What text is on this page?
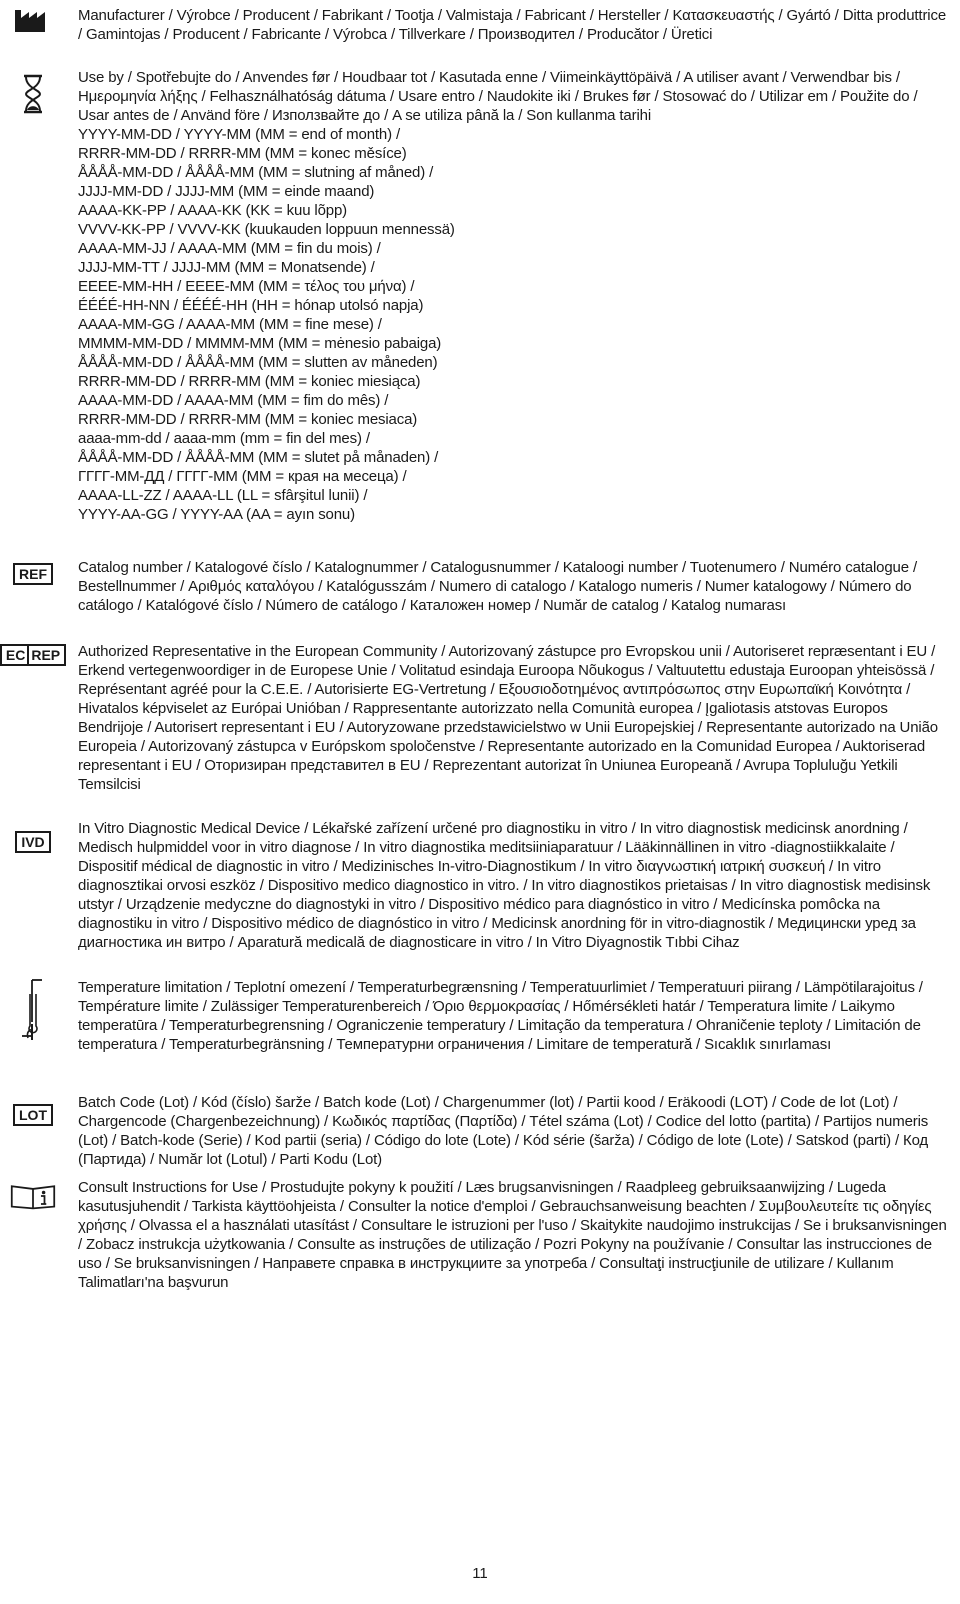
Manufacturer / Výrobce / Producent / Fabrikant / Tootja / Valmistaja / Fabricant / Hersteller / Κατασκευαστής / Gyártó / Ditta produttrice / Gamintojas / Producent / Fabricante / Výrobca / Tillverkare / Производител / Producător / Üretici

Use by / Spotřebujte do / Anvendes før / Houdbaar tot / Kasutada enne / Viimeinkäyttöpäivä / A utiliser avant / Verwendbar bis / Ημερομηνία λήξης / Felhasználhatóság dátuma / Usare entro / Naudokite iki / Brukes før / Stosować do / Utilizar em / Použite do / Usar antes de / Använd före / Използвайте до / A se utiliza până la / Son kullanma tarihi

YYYY-MM-DD / YYYY-MM (MM = end of month) /

RRRR-MM-DD / RRRR-MM (MM = konec měsíce)

ÅÅÅÅ-MM-DD / ÅÅÅÅ-MM (MM = slutning af måned) /

JJJJ-MM-DD / JJJJ-MM (MM = einde maand)

AAAA-KK-PP / AAAA-KK (KK = kuu lõpp)

VVVV-KK-PP / VVVV-KK (kuukauden loppuun mennessä)

AAAA-MM-JJ / AAAA-MM (MM = fin du mois) /

JJJJ-MM-TT / JJJJ-MM (MM = Monatsende) /

EEEE-MM-HH / EEEE-MM (MM = τέλος του μήνα) /

ÉÉÉÉ-HH-NN / ÉÉÉÉ-HH (HH = hónap utolsó napja)

AAAA-MM-GG / AAAA-MM (MM = fine mese) /

MMMM-MM-DD / MMMM-MM (MM = mėnesio pabaiga)

ÅÅÅÅ-MM-DD / ÅÅÅÅ-MM (MM = slutten av måneden)

RRRR-MM-DD / RRRR-MM (MM = koniec miesiąca)

AAAA-MM-DD / AAAA-MM (MM = fim do mês) /

RRRR-MM-DD / RRRR-MM (MM = koniec mesiaca)

aaaa-mm-dd / aaaa-mm (mm = fin del mes) /

ÅÅÅÅ-MM-DD / ÅÅÅÅ-MM (MM = slutet på månaden) /

ГГГГ-ММ-ДД / ГГГГ-ММ (ММ = края на месеца) /

AAAA-LL-ZZ / AAAA-LL (LL = sfârşitul lunii) /

YYYY-AA-GG / YYYY-AA (AA = ayın sonu)

REF Catalog number / Katalogové číslo / Katalognummer / Catalogusnummer / Kataloogi number / Tuotenumero / Numéro catalogue / Bestellnummer / Αριθμός καταλόγου / Katalógusszám / Numero di catalogo / Katalogo numeris / Numer katalogowy / Número do catálogo / Katalógové číslo / Número de catálogo / Каталожен номер / Număr de catalog / Katalog numarası

EC REP Authorized Representative in the European Community / Autorizovaný zástupce pro Evropskou unii / Autoriseret repræsentant i EU / Erkend vertegenwoordiger in de Europese Unie / Volitatud esindaja Euroopa Nõukogus / Valtuutettu edustaja Euroopan yhteisössä / Représentant agréé pour la C.E.E. / Autorisierte EG-Vertretung / Εξουσιοδοτημένος αντιπρόσωπος στην Ευρωπαϊκή Κοινότητα / Hivatalos képviselet az Európai Unióban / Rappresentante autorizzato nella Comunità europea / Įgaliotasis atstovas Europos Bendrijoje / Autorisert representant i EU / Autoryzowane przedstawicielstwo w Unii Europejskiej / Representante autorizado na União Europeia / Autorizovaný zástupca v Európskom spoločenstve / Representante autorizado en la Comunidad Europea / Auktoriserad representant i EU / Оторизиран представител в EU / Reprezentant autorizat în Uniunea Europeană / Avrupa Topluluğu Yetkili Temsilcisi

IVD

In Vitro Diagnostic Medical Device / Lékařské zařízení určené pro diagnostiku in vitro / In vitro diagnostisk medicinsk anordning / Medisch hulpmiddel voor in vitro diagnose / In vitro diagnostika meditsiiniaparatuur / Lääkinnällinen in vitro -diagnostiikkalaite / Dispositif médical de diagnostic in vitro / Medizinisches In-vitro-Diagnostikum / In vitro διαγνωστική ιατρική συσκευή / In vitro diagnosztikai orvosi eszköz / Dispositivo medico diagnostico in vitro. / In vitro diagnostikos prietaisas / In vitro diagnostisk medisinsk utstyr / Urządzenie medyczne do diagnostyki in vitro / Dispositivo médico para diagnóstico in vitro / Medicínska pomôcka na diagnostiku in vitro / Dispositivo médico de diagnóstico in vitro / Medicinsk anordning för in vitro-diagnostik / Медицински уред за диагностика ин витро / Aparatură medicală de diagnosticare in vitro / In Vitro Diyagnostik Tıbbi Cihaz

Temperature limitation / Teplotní omezení / Temperaturbegrænsning / Temperatuurlimiet / Temperatuuri piirang / Lämpötilarajoitus / Température limite / Zulässiger Temperaturenbereich / Όριο θερμοκρασίας / Hőmérsékleti határ / Temperatura limite / Laikymo temperatūra / Temperaturbegrensning / Ograniczenie temperatury / Limitação da temperatura / Ohraničenie teploty / Limitación de temperatura / Temperaturbegränsning / Температурни ограничения / Limitare de temperatură / Sıcaklık sınırlaması

LOT

Batch Code (Lot) / Kód (číslo) šarže / Batch kode (Lot) / Chargenummer (lot) / Partii kood / Eräkoodi (LOT) / Code de lot (Lot) / Chargencode (Chargenbezeichnung) / Κωδικός παρτίδας (Παρτίδα) / Tétel száma (Lot) / Codice del lotto (partita) / Partijos numeris (Lot) / Batch-kode (Serie) / Kod partii (seria) / Código do lote (Lote) / Kód série (šarža) / Código de lote (Lote) / Satskod (parti) / Код (Партида) / Număr lot (Lotul) / Parti Kodu (Lot)

Consult Instructions for Use / Prostudujte pokyny k použití / Læs brugsanvisningen / Raadpleeg gebruiksaanwijzing / Lugeda kasutusjuhendit / Tarkista käyttöohjeista / Consulter la notice d'emploi / Gebrauchsanweisung beachten / Συμβουλευτείτε τις οδηγίες χρήσης / Olvassa el a használati utasítást / Consultare le istruzioni per l'uso / Skaitykite naudojimo instrukcijas / Se i bruksanvisningen / Zobacz instrukcja użytkowania / Consulte as instruções de utilização / Pozri Pokyny na používanie / Consultar las instrucciones de uso / Se bruksanvisningen / Направете справка в инструкциите за употреба / Consultaţi instrucţiunile de utilizare / Kullanım Talimatları'na başvurun

11
